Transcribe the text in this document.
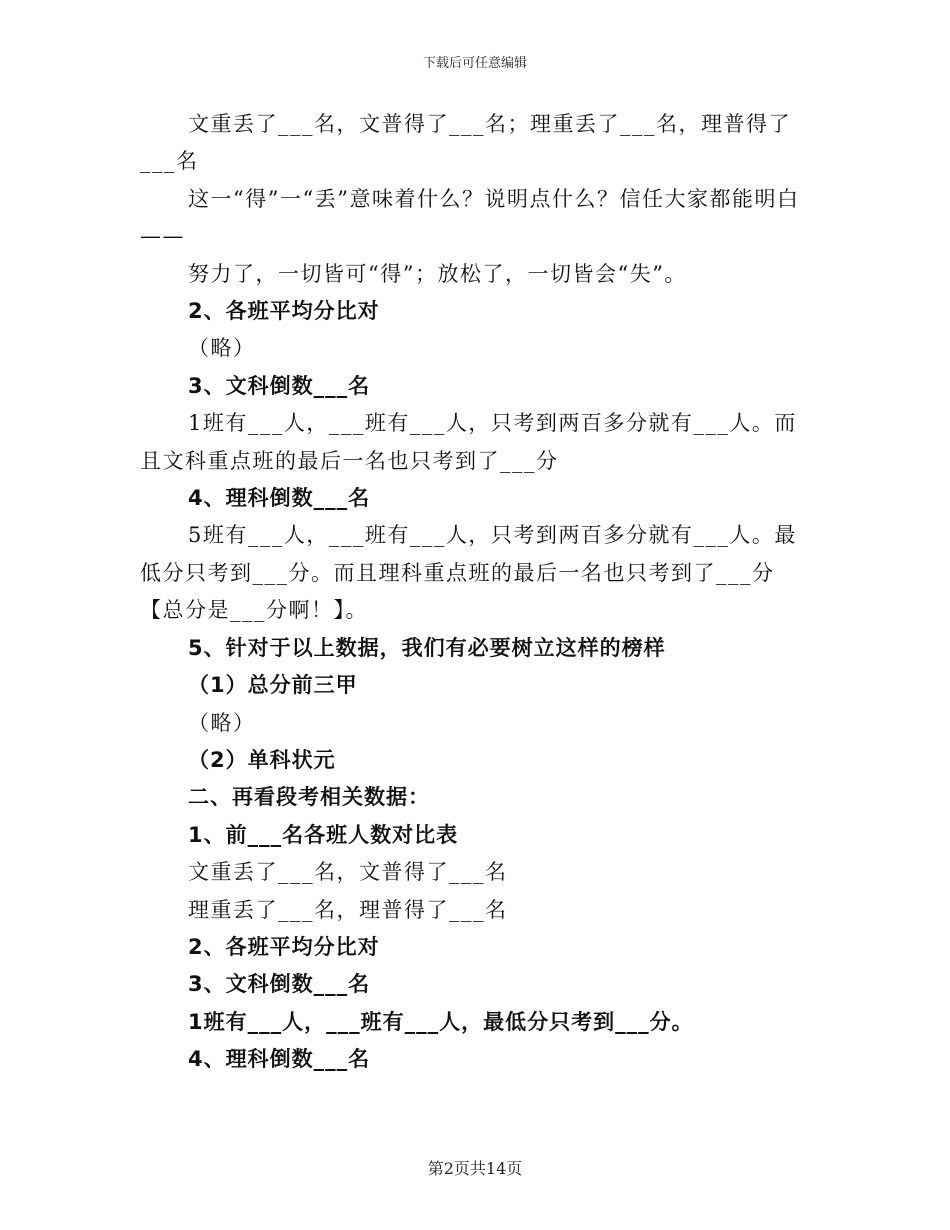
下载后可任意编辑

文重丢了___名，文普得了___名；理重丢了___名，理普得了___名

这一“得”一“丢”意味着什么？说明点什么？信任大家都能明白——

努力了，一切皆可“得”；放松了，一切皆会“失”。

2、各班平均分比对

（略）

3、文科倒数___名

1班有___人，___班有___人，只考到两百多分就有___人。而且文科重点班的最后一名也只考到了___分

4、理科倒数___名

5班有___人，___班有___人，只考到两百多分就有___人。最低分只考到___分。而且理科重点班的最后一名也只考到了___分【总分是___分啊！】。

5、针对于以上数据，我们有必要树立这样的榜样

（1）总分前三甲

（略）

（2）单科状元

二、再看段考相关数据：

1、前___名各班人数对比表

文重丢了___名，文普得了___名

理重丢了___名，理普得了___名

2、各班平均分比对

3、文科倒数___名

1班有___人，___班有___人，最低分只考到___分。

4、理科倒数___名

第2页共14页
